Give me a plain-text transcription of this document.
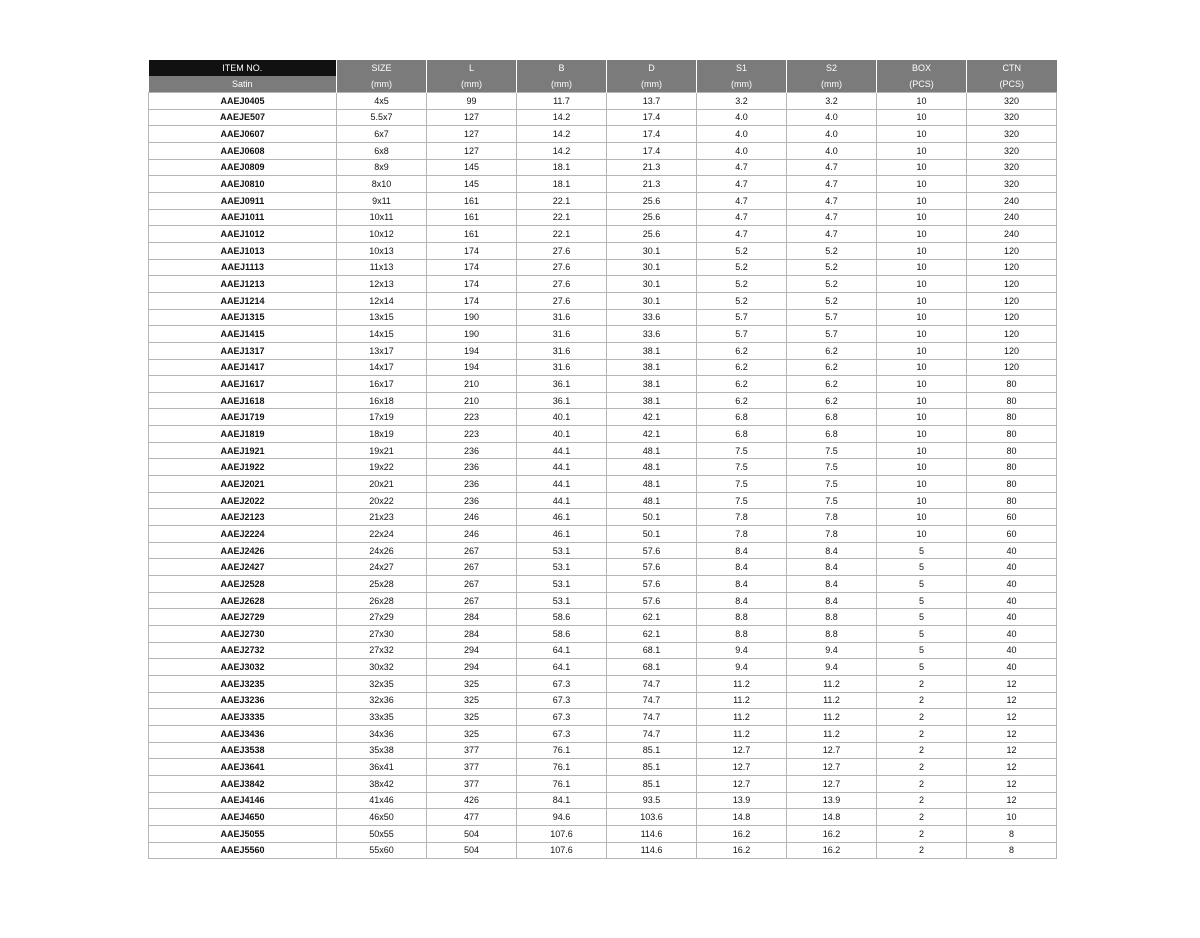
ITEM NO.	SIZE	L	B	D	S1	S2	BOX	CTN
Satin	(mm)	(mm)	(mm)	(mm)	(mm)	(mm)	(PCS)	(PCS)
AAEJ0405	4x5	99	11.7	13.7	3.2	3.2	10	320
AAEJE507	5.5x7	127	14.2	17.4	4.0	4.0	10	320
AAEJ0607	6x7	127	14.2	17.4	4.0	4.0	10	320
AAEJ0608	6x8	127	14.2	17.4	4.0	4.0	10	320
AAEJ0809	8x9	145	18.1	21.3	4.7	4.7	10	320
AAEJ0810	8x10	145	18.1	21.3	4.7	4.7	10	320
AAEJ0911	9x11	161	22.1	25.6	4.7	4.7	10	240
AAEJ1011	10x11	161	22.1	25.6	4.7	4.7	10	240
AAEJ1012	10x12	161	22.1	25.6	4.7	4.7	10	240
AAEJ1013	10x13	174	27.6	30.1	5.2	5.2	10	120
AAEJ1113	11x13	174	27.6	30.1	5.2	5.2	10	120
AAEJ1213	12x13	174	27.6	30.1	5.2	5.2	10	120
AAEJ1214	12x14	174	27.6	30.1	5.2	5.2	10	120
AAEJ1315	13x15	190	31.6	33.6	5.7	5.7	10	120
AAEJ1415	14x15	190	31.6	33.6	5.7	5.7	10	120
AAEJ1317	13x17	194	31.6	38.1	6.2	6.2	10	120
AAEJ1417	14x17	194	31.6	38.1	6.2	6.2	10	120
AAEJ1617	16x17	210	36.1	38.1	6.2	6.2	10	80
AAEJ1618	16x18	210	36.1	38.1	6.2	6.2	10	80
AAEJ1719	17x19	223	40.1	42.1	6.8	6.8	10	80
AAEJ1819	18x19	223	40.1	42.1	6.8	6.8	10	80
AAEJ1921	19x21	236	44.1	48.1	7.5	7.5	10	80
AAEJ1922	19x22	236	44.1	48.1	7.5	7.5	10	80
AAEJ2021	20x21	236	44.1	48.1	7.5	7.5	10	80
AAEJ2022	20x22	236	44.1	48.1	7.5	7.5	10	80
AAEJ2123	21x23	246	46.1	50.1	7.8	7.8	10	60
AAEJ2224	22x24	246	46.1	50.1	7.8	7.8	10	60
AAEJ2426	24x26	267	53.1	57.6	8.4	8.4	5	40
AAEJ2427	24x27	267	53.1	57.6	8.4	8.4	5	40
AAEJ2528	25x28	267	53.1	57.6	8.4	8.4	5	40
AAEJ2628	26x28	267	53.1	57.6	8.4	8.4	5	40
AAEJ2729	27x29	284	58.6	62.1	8.8	8.8	5	40
AAEJ2730	27x30	284	58.6	62.1	8.8	8.8	5	40
AAEJ2732	27x32	294	64.1	68.1	9.4	9.4	5	40
AAEJ3032	30x32	294	64.1	68.1	9.4	9.4	5	40
AAEJ3235	32x35	325	67.3	74.7	11.2	11.2	2	12
AAEJ3236	32x36	325	67.3	74.7	11.2	11.2	2	12
AAEJ3335	33x35	325	67.3	74.7	11.2	11.2	2	12
AAEJ3436	34x36	325	67.3	74.7	11.2	11.2	2	12
AAEJ3538	35x38	377	76.1	85.1	12.7	12.7	2	12
AAEJ3641	36x41	377	76.1	85.1	12.7	12.7	2	12
AAEJ3842	38x42	377	76.1	85.1	12.7	12.7	2	12
AAEJ4146	41x46	426	84.1	93.5	13.9	13.9	2	12
AAEJ4650	46x50	477	94.6	103.6	14.8	14.8	2	10
AAEJ5055	50x55	504	107.6	114.6	16.2	16.2	2	8
AAEJ5560	55x60	504	107.6	114.6	16.2	16.2	2	8
